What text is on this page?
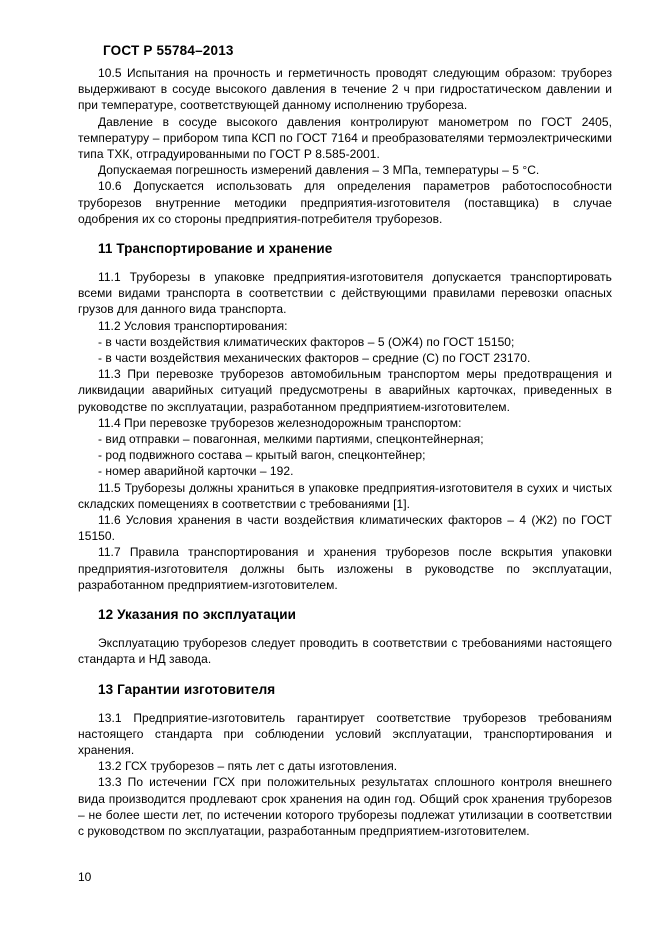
ГОСТ Р 55784–2013

10.5 Испытания на прочность и герметичность проводят следующим образом: труборез выдерживают в сосуде высокого давления в течение 2 ч при гидростатическом давлении и при температуре, соответствующей данному исполнению трубореза.

Давление в сосуде высокого давления контролируют манометром по ГОСТ 2405, температуру – прибором типа КСП по ГОСТ 7164 и преобразователями термоэлектрическими типа ТХК, отградуированными по ГОСТ Р 8.585-2001.

Допускаемая погрешность измерений давления – 3 МПа, температуры – 5 °С.

10.6 Допускается использовать для определения параметров работоспособности труборезов внутренние методики предприятия-изготовителя (поставщика) в случае одобрения их со стороны предприятия-потребителя труборезов.

11 Транспортирование и хранение

11.1 Труборезы в упаковке предприятия-изготовителя допускается транспортировать всеми видами транспорта в соответствии с действующими правилами перевозки опасных грузов для данного вида транспорта.

11.2 Условия транспортирования:

- в части воздействия климатических факторов – 5 (ОЖ4) по ГОСТ 15150;

- в части воздействия механических факторов – средние (С) по ГОСТ 23170.

11.3 При перевозке труборезов автомобильным транспортом меры предотвращения и ликвидации аварийных ситуаций предусмотрены в аварийных карточках, приведенных в руководстве по эксплуатации, разработанном предприятием-изготовителем.

11.4 При перевозке труборезов железнодорожным транспортом:

- вид отправки – повагонная, мелкими партиями, спецконтейнерная;

- род подвижного состава – крытый вагон, спецконтейнер;

- номер аварийной карточки – 192.

11.5 Труборезы должны храниться в упаковке предприятия-изготовителя в сухих и чистых складских помещениях в соответствии с требованиями [1].

11.6 Условия хранения в части воздействия климатических факторов – 4 (Ж2) по ГОСТ 15150.

11.7 Правила транспортирования и хранения труборезов после вскрытия упаковки предприятия-изготовителя должны быть изложены в руководстве по эксплуатации, разработанном предприятием-изготовителем.

12 Указания по эксплуатации

Эксплуатацию труборезов следует проводить в соответствии с требованиями настоящего стандарта и НД завода.

13 Гарантии изготовителя

13.1 Предприятие-изготовитель гарантирует соответствие труборезов требованиям настоящего стандарта при соблюдении условий эксплуатации, транспортирования и хранения.

13.2 ГСХ труборезов – пять лет с даты изготовления.

13.3 По истечении ГСХ при положительных результатах сплошного контроля внешнего вида производится продлевают срок хранения на один год. Общий срок хранения труборезов – не более шести лет, по истечении которого труборезы подлежат утилизации в соответствии с руководством по эксплуатации, разработанным предприятием-изготовителем.

10
